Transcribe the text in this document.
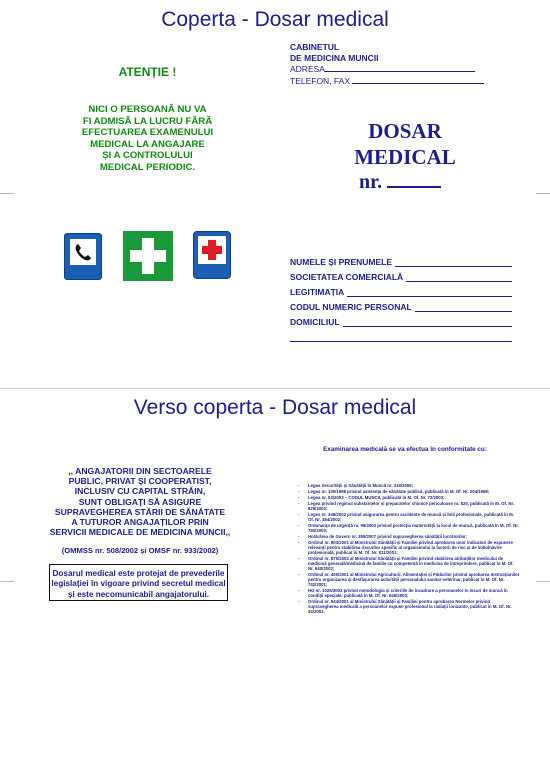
Coperta - Dosar medical
CABINETUL
DE MEDICINA MUNCII
ADRESA
TELEFON, FAX
ATENȚIE !
NICI O PERSOANĂ NU VA
FI ADMISĂ LA LUCRU FĂRĂ
EFECTUAREA EXAMENULUI
MEDICAL LA ANGAJARE
ȘI A CONTROLULUI
MEDICAL PERIODIC.
DOSAR
MEDICAL
nr.
NUMELE ȘI PRENUMELE
SOCIETATEA COMERCIALĂ
LEGITIMAȚIA
CODUL NUMERIC PERSONAL
DOMICILIUL
Verso coperta - Dosar medical
,, ANGAJATORII DIN SECTOARELE
PUBLIC, PRIVAT ȘI COOPERATIST,
INCLUSIV CU CAPITAL STRĂIN,
SUNT OBLIGAȚI SĂ ASIGURE
SUPRAVEGHEREA STĂRII DE SĂNĂTATE
A TUTUROR ANGAJAȚILOR PRIN
SERVICII MEDICALE DE MEDICINA MUNCII,,
(OMMSS nr. 508/2002 și OMSF nr. 933/2002)
Dosarul medical este protejat de prevederile
legislației în vigoare privind secretul medical
și este necomunicabil angajatorului.
Examinarea medicală se va efectua în conformitate cu:
- Legea Securității și Sănătății în Muncă nr. 319/2006;
- Legea nr. 100/1998 privind asistența de sănătate publică, publicată în M. Of. Nr. 204/1998;
- Legea nr. 53/2003 – CODUL MUNCII, publicată în M. Of. Nr. 72/2003;
- Legea privind regimul substanțelor și preparatelor chimice periculoase nr. 520, publicată în M. Of. Nr. 625/2003;
- Legea nr. 346/2002 privind asigurarea pentru accidente de muncă și boli profesionale, publicată în M. Of. Nr. 454/2002;
- Ordonanța de urgență nr. 99/2003 privind protecția maternității la locul de muncă, publicată în M. Of. Nr. 750/2003;
- Hotărârea de Guvern nr. 355/2007 privind supravegherea sănătății lucrătorilor;
- Ordinul nr. 803/2001 al Ministrului Sănătății și Familiei privind aprobarea unor indicatori de expunere relevanți pentru stabilirea riscurilor specific al organismului la factorii de risc și de îmbolnăvire profesională, publicat în M. Of. Nr. 811/2001;
- Ordinul nr. 870/2002 al Ministrului Sănătății și Familiei privind stabilirea atribuțiilor medicului de medicină generală/medicină de familie cu competență în medicina de întreprindere, publicat în M. Of. Nr. 640/2002;
- Ordinul nr. 400/2001 al Ministrului Agriculturii, Alimentației și Pădurilor privind aprobarea Instrucțiunilor pentru organizarea și desfășurarea activității personalului sanitar-veterinar, publicat în M. Of. Nr. 742/2001;
- HG nr. 1025/2003 privind metodologia și criteriile de încadrare a persoanelor în locuri de muncă în condiții speciale, publicată în M. Of. Nr. 645/2003;
- Ordinul nr. 944/2001 al Ministrului Sănătății și Familiei pentru aprobarea Normelor privind supravegherea medicală a persoanelor expuse profesional la radiații ionizante, publicat în M. Of. Nr. 34/2002.
